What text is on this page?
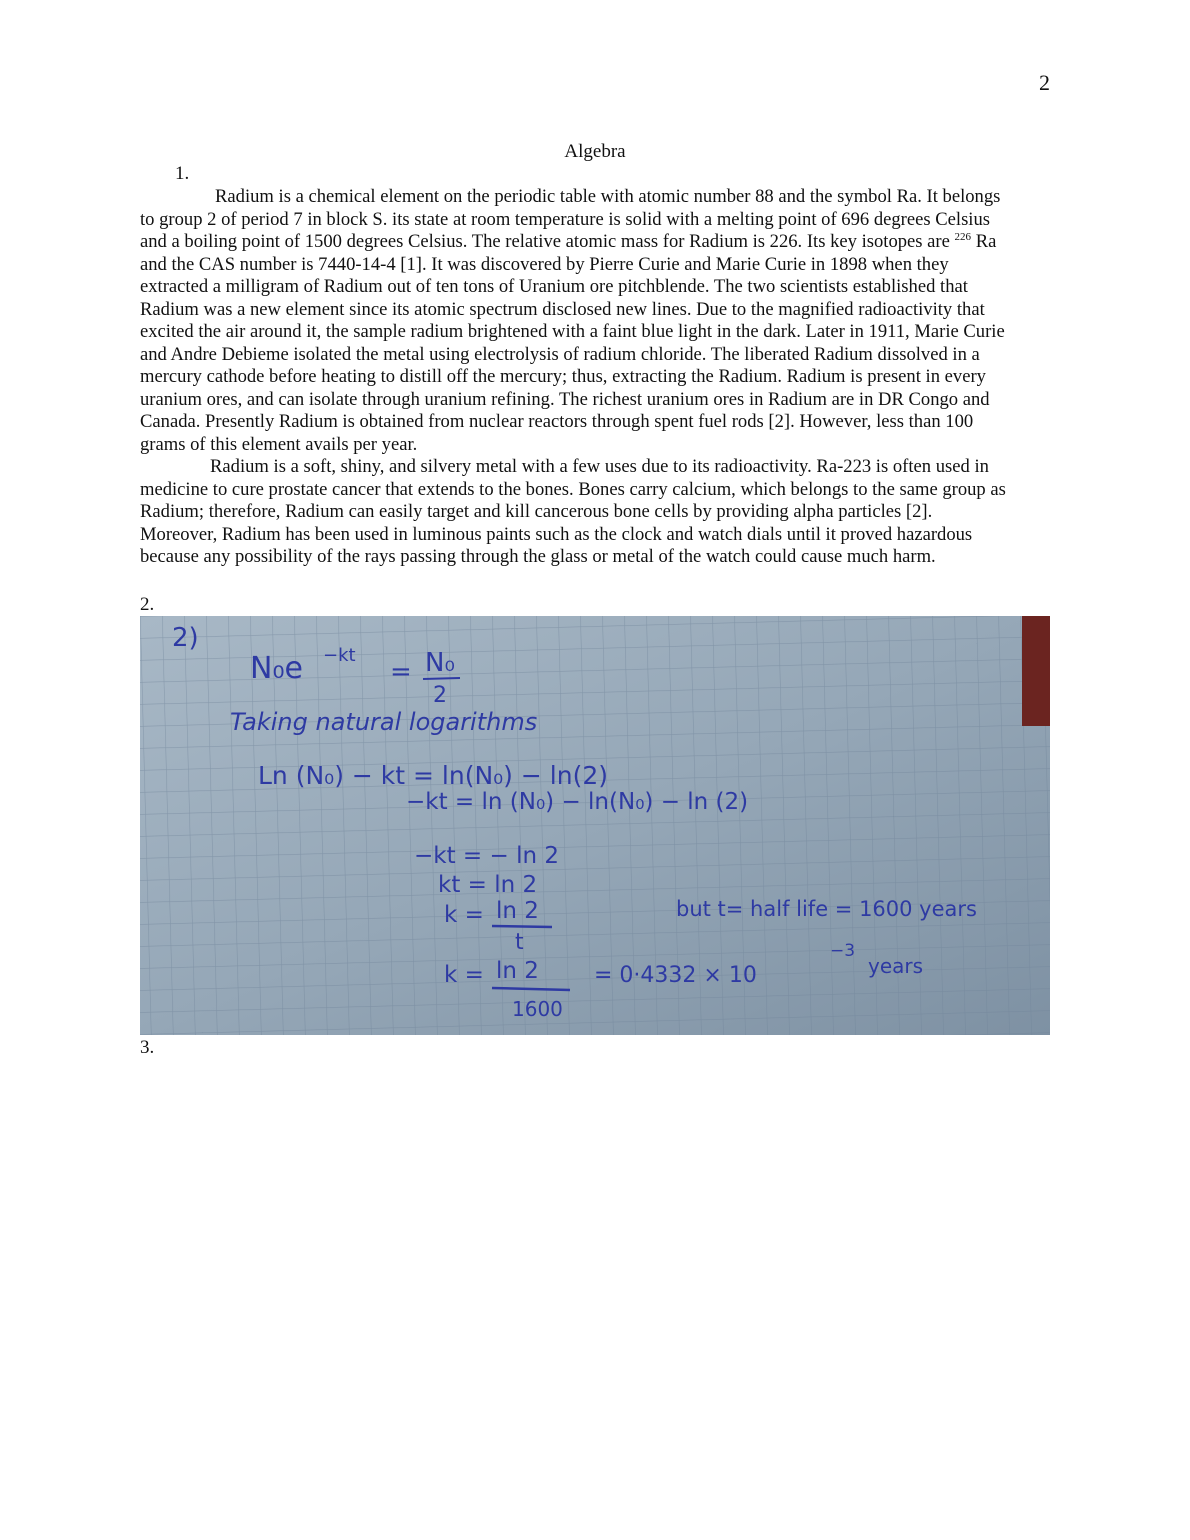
2
Algebra
1.

Radium is a chemical element on the periodic table with atomic number 88 and the symbol Ra. It belongs
to group 2 of period 7 in block S. its state at room temperature is solid with a melting point of 696 degrees Celsius
and a boiling point of 1500 degrees Celsius. The relative atomic mass for Radium is 226. Its key isotopes are $^{226}$ Ra
and the CAS number is 7440-14-4 [1]. It was discovered by Pierre Curie and Marie Curie in 1898 when they
extracted a milligram of Radium out of ten tons of Uranium ore pitchblende. The two scientists established that
Radium was a new element since its atomic spectrum disclosed new lines. Due to the magnified radioactivity that
excited the air around it, the sample radium brightened with a faint blue light in the dark. Later in 1911, Marie Curie
and Andre Debieme isolated the metal using electrolysis of radium chloride. The liberated Radium dissolved in a
mercury cathode before heating to distill off the mercury; thus, extracting the Radium. Radium is present in every
uranium ores, and can isolate through uranium refining. The richest uranium ores in Radium are in DR Congo and
Canada. Presently Radium is obtained from nuclear reactors through spent fuel rods [2]. However, less than 100
grams of this element avails per year.

Radium is a soft, shiny, and silvery metal with a few uses due to its radioactivity. Ra-223 is often used in
medicine to cure prostate cancer that extends to the bones. Bones carry calcium, which belongs to the same group as
Radium; therefore, Radium can easily target and kill cancerous bone cells by providing alpha particles [2].
Moreover, Radium has been used in luminous paints such as the clock and watch dials until it proved hazardous
because any possibility of the rays passing through the glass or metal of the watch could cause much harm.

2.
2)
N₀e −kt
= N₀
2
Taking natural logarithms
Ln (N₀) − kt = ln(N₀) − ln(2)
−kt = ln (N₀) − ln(N₀) − ln (2)
−kt = − ln 2
kt = ln 2
k = ln 2
t
but t= half life = 1600 years
k = ln 2
1600
= 0·4332 × 10
−3
years
3.
